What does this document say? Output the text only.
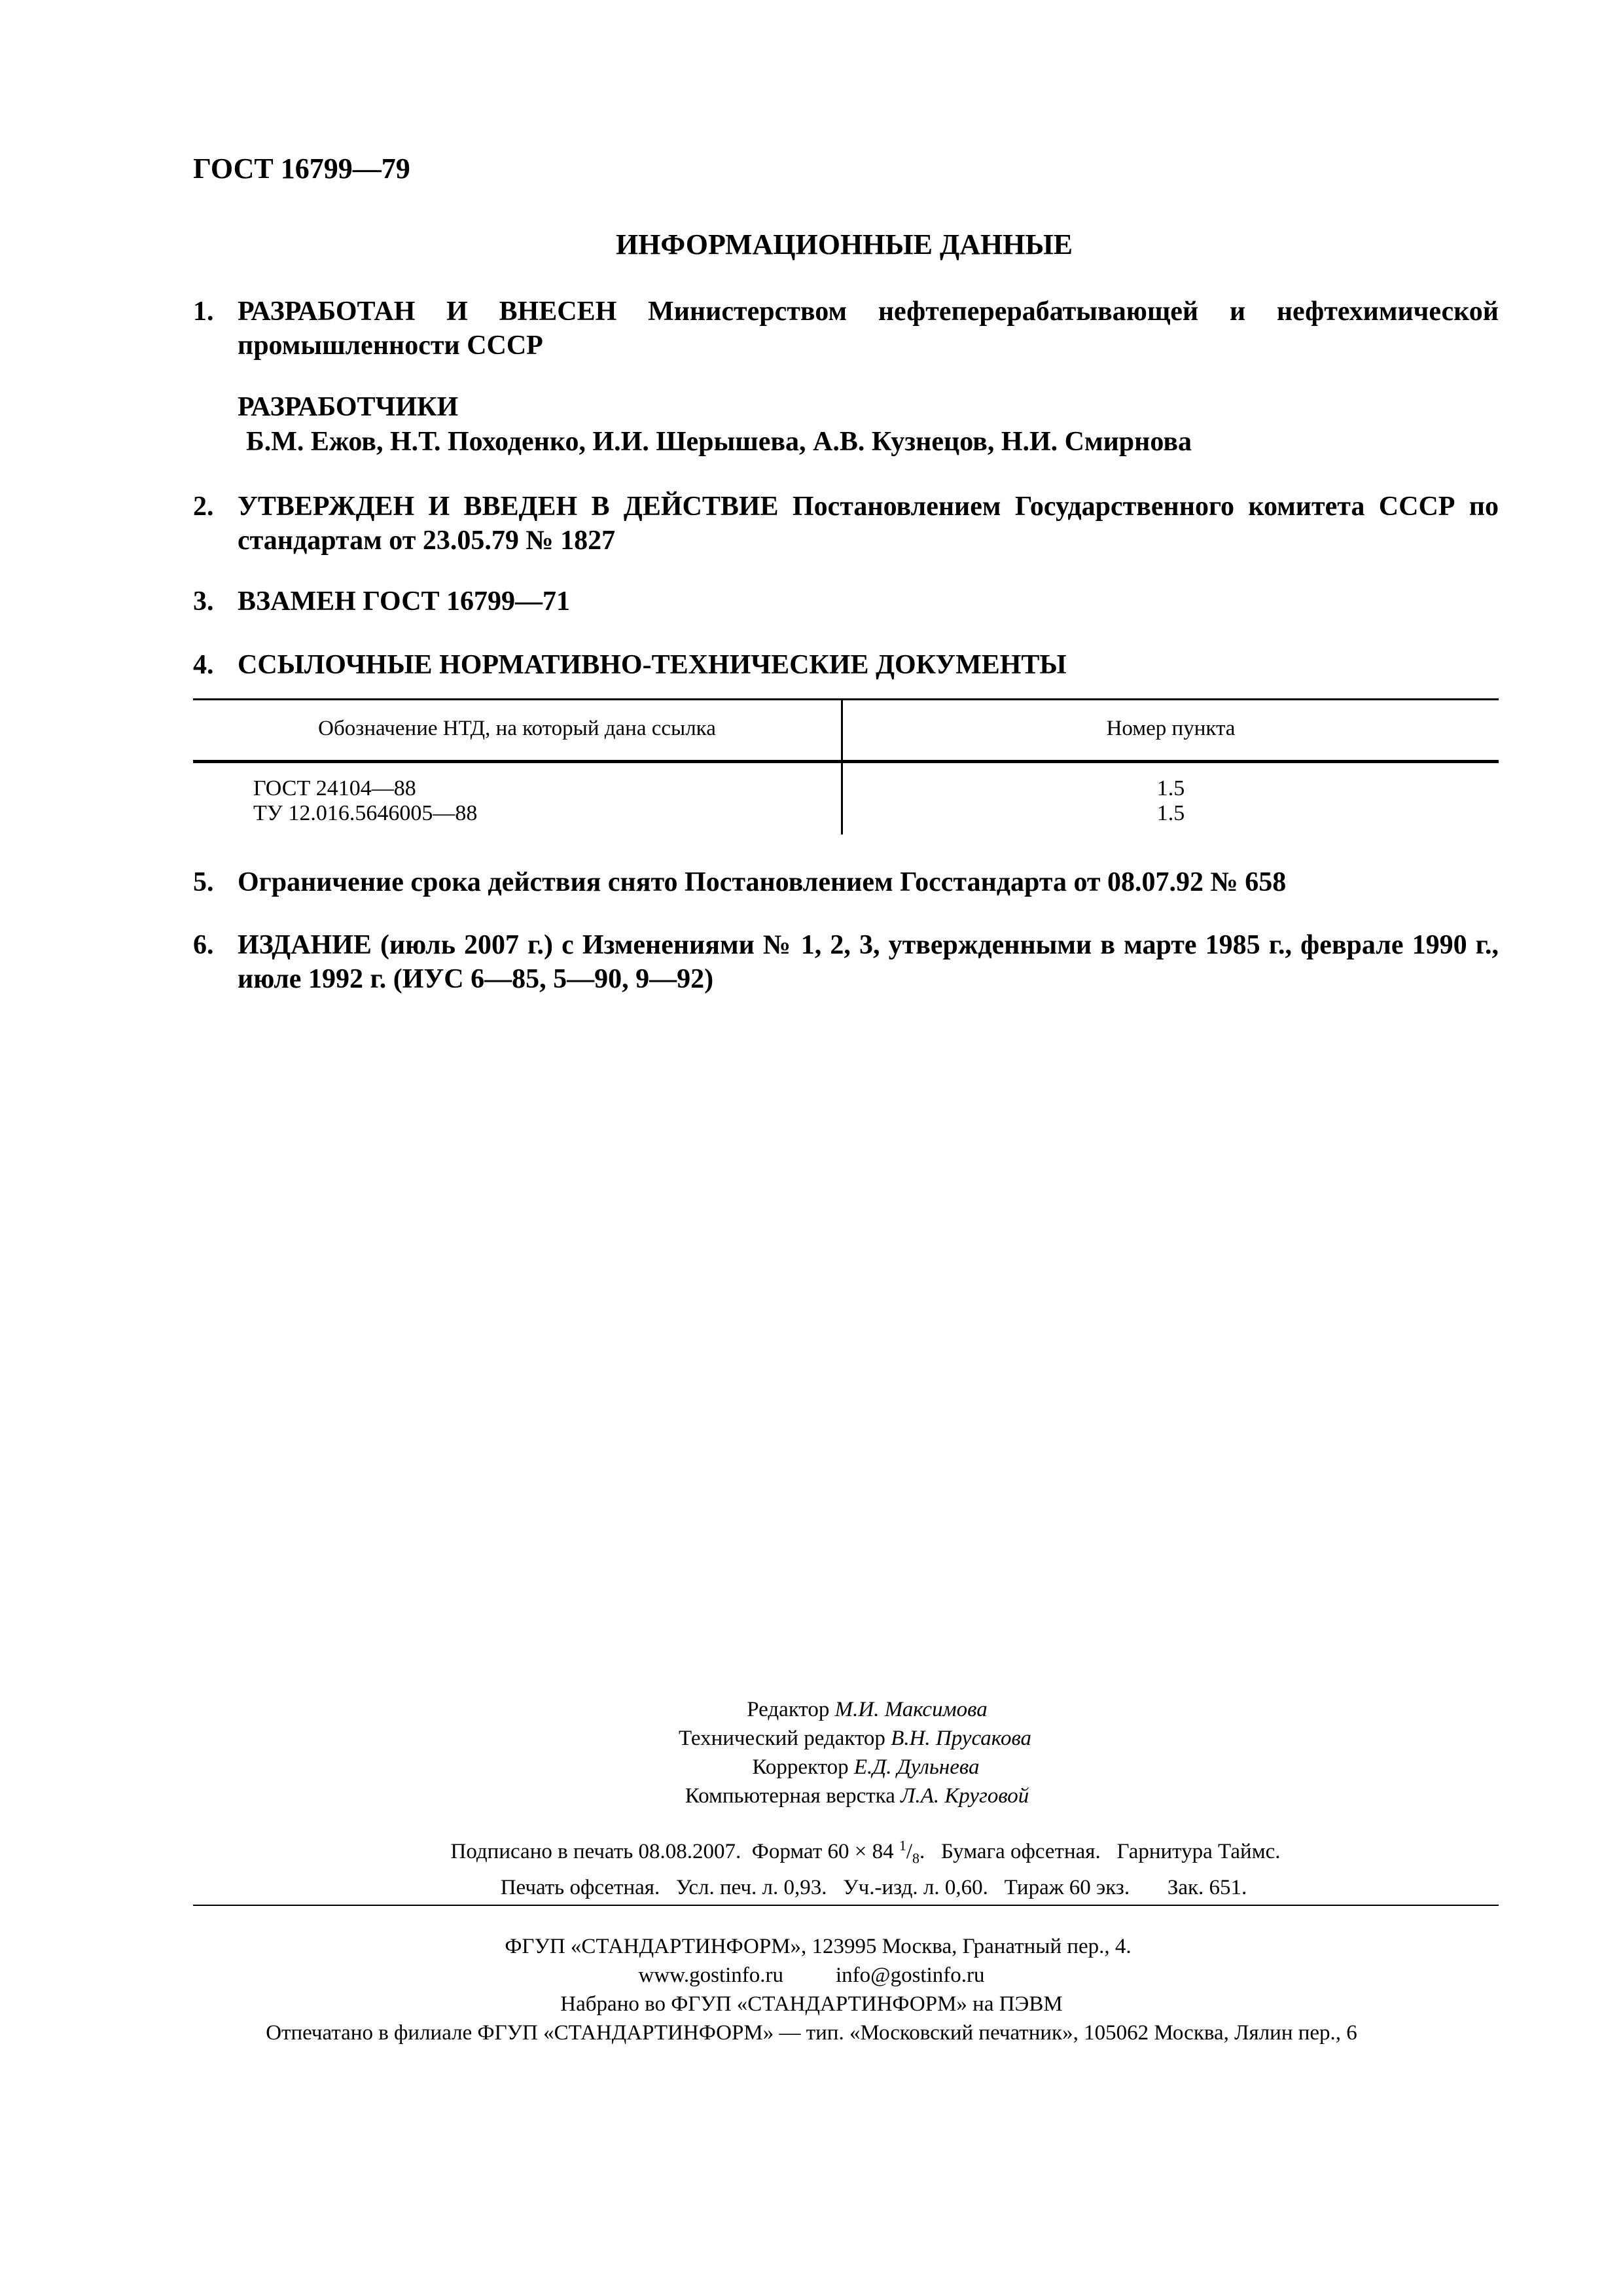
ГОСТ 16799—79
ИНФОРМАЦИОННЫЕ ДАННЫЕ
1. РАЗРАБОТАН И ВНЕСЕН Министерством нефтеперерабатывающей и нефтехимической промышленности СССР
РАЗРАБОТЧИКИ
Б.М. Ежов, Н.Т. Походенко, И.И. Шерышева, А.В. Кузнецов, Н.И. Смирнова
2. УТВЕРЖДЕН И ВВЕДЕН В ДЕЙСТВИЕ Постановлением Государственного комитета СССР по стандартам от 23.05.79 № 1827
3. ВЗАМЕН ГОСТ 16799—71
4. ССЫЛОЧНЫЕ НОРМАТИВНО-ТЕХНИЧЕСКИЕ ДОКУМЕНТЫ
Обозначение НТД, на который дана ссылка	Номер пункта
ГОСТ 24104—88	1.5
ТУ 12.016.5646005—88	1.5
5. Ограничение срока действия снято Постановлением Госстандарта от 08.07.92 № 658
6. ИЗДАНИЕ (июль 2007 г.) с Изменениями № 1, 2, 3, утвержденными в марте 1985 г., феврале 1990 г., июле 1992 г. (ИУС 6—85, 5—90, 9—92)
Редактор М.И. Максимова
Технический редактор В.Н. Прусакова
Корректор Е.Д. Дульнева
Компьютерная верстка Л.А. Круговой
Подписано в печать 08.08.2007. Формат 60 × 84 $^1/_8$.   Бумага офсетная. Гарнитура Таймс.
Печать офсетная. Усл. печ. л. 0,93. Уч.-изд. л. 0,60. Тираж 60 экз. Зак. 651.
ФГУП «СТАНДАРТИНФОРМ», 123995 Москва, Гранатный пер., 4.
www.gostinfo.ru info@gostinfo.ru
Набрано во ФГУП «СТАНДАРТИНФОРМ» на ПЭВМ
Отпечатано в филиале ФГУП «СТАНДАРТИНФОРМ» — тип. «Московский печатник», 105062 Москва, Лялин пер., 6
